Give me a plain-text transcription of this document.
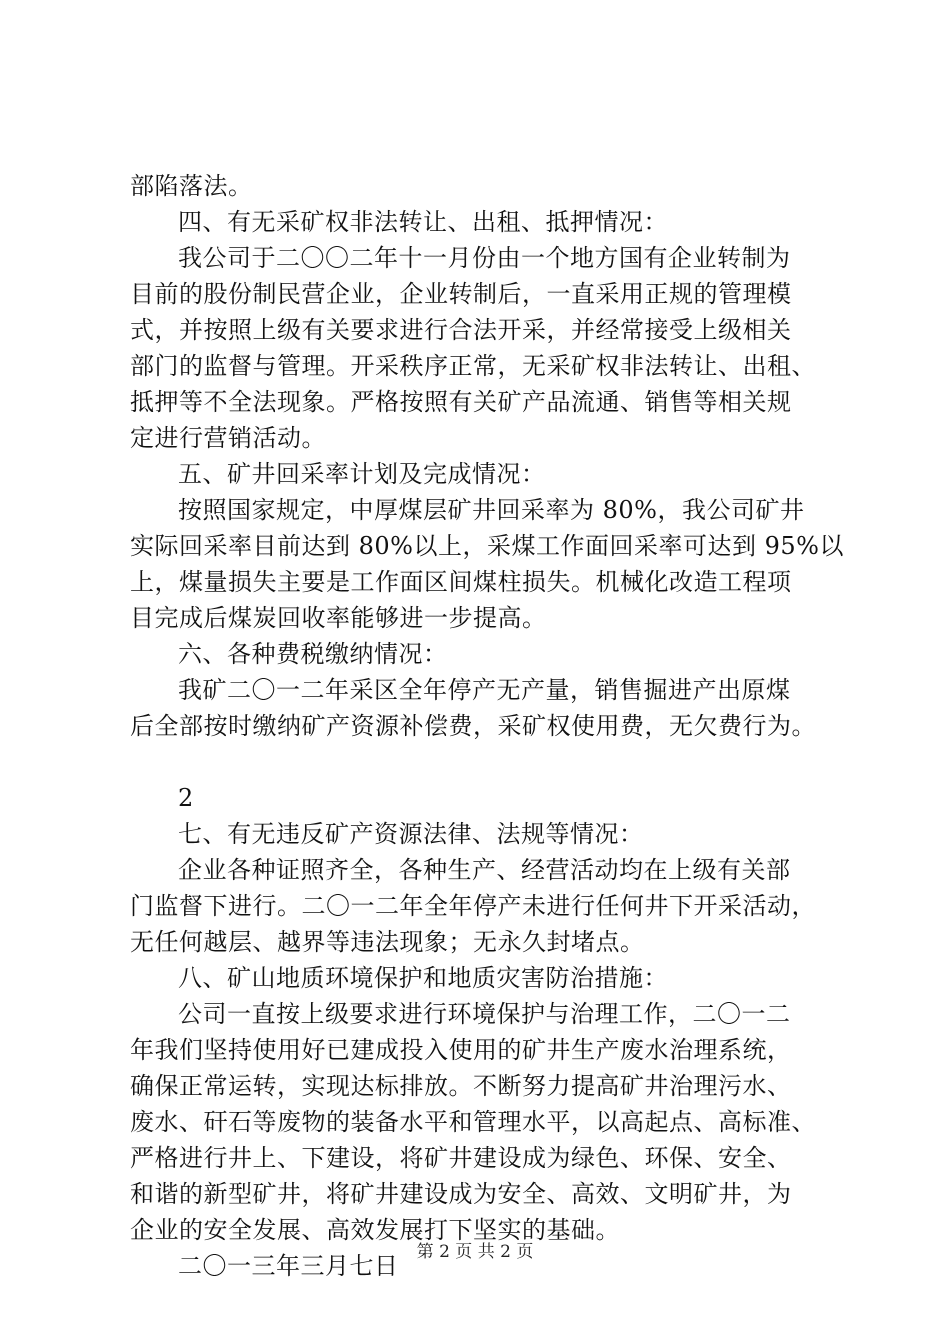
部陷落法。
四、有无采矿权非法转让、出租、抵押情况：
我公司于二〇〇二年十一月份由一个地方国有企业转制为
目前的股份制民营企业，企业转制后，一直采用正规的管理模
式，并按照上级有关要求进行合法开采，并经常接受上级相关
部门的监督与管理。开采秩序正常，无采矿权非法转让、出租、
抵押等不全法现象。严格按照有关矿产品流通、销售等相关规
定进行营销活动。
五、矿井回采率计划及完成情况：
按照国家规定，中厚煤层矿井回采率为 80%，我公司矿井
实际回采率目前达到 80%以上，采煤工作面回采率可达到 95%以
上，煤量损失主要是工作面区间煤柱损失。机械化改造工程项
目完成后煤炭回收率能够进一步提高。
六、各种费税缴纳情况：
我矿二〇一二年采区全年停产无产量，销售掘进产出原煤
后全部按时缴纳矿产资源补偿费，采矿权使用费，无欠费行为。
2
七、有无违反矿产资源法律、法规等情况：
企业各种证照齐全，各种生产、经营活动均在上级有关部
门监督下进行。二〇一二年全年停产未进行任何井下开采活动，
无任何越层、越界等违法现象；无永久封堵点。
八、矿山地质环境保护和地质灾害防治措施：
公司一直按上级要求进行环境保护与治理工作，二〇一二
年我们坚持使用好已建成投入使用的矿井生产废水治理系统，
确保正常运转，实现达标排放。不断努力提高矿井治理污水、
废水、矸石等废物的装备水平和管理水平，以高起点、高标准、
严格进行井上、下建设，将矿井建设成为绿色、环保、安全、
和谐的新型矿井，将矿井建设成为安全、高效、文明矿井，为
企业的安全发展、高效发展打下坚实的基础。
二〇一三年三月七日	第 2 页 共 2 页
